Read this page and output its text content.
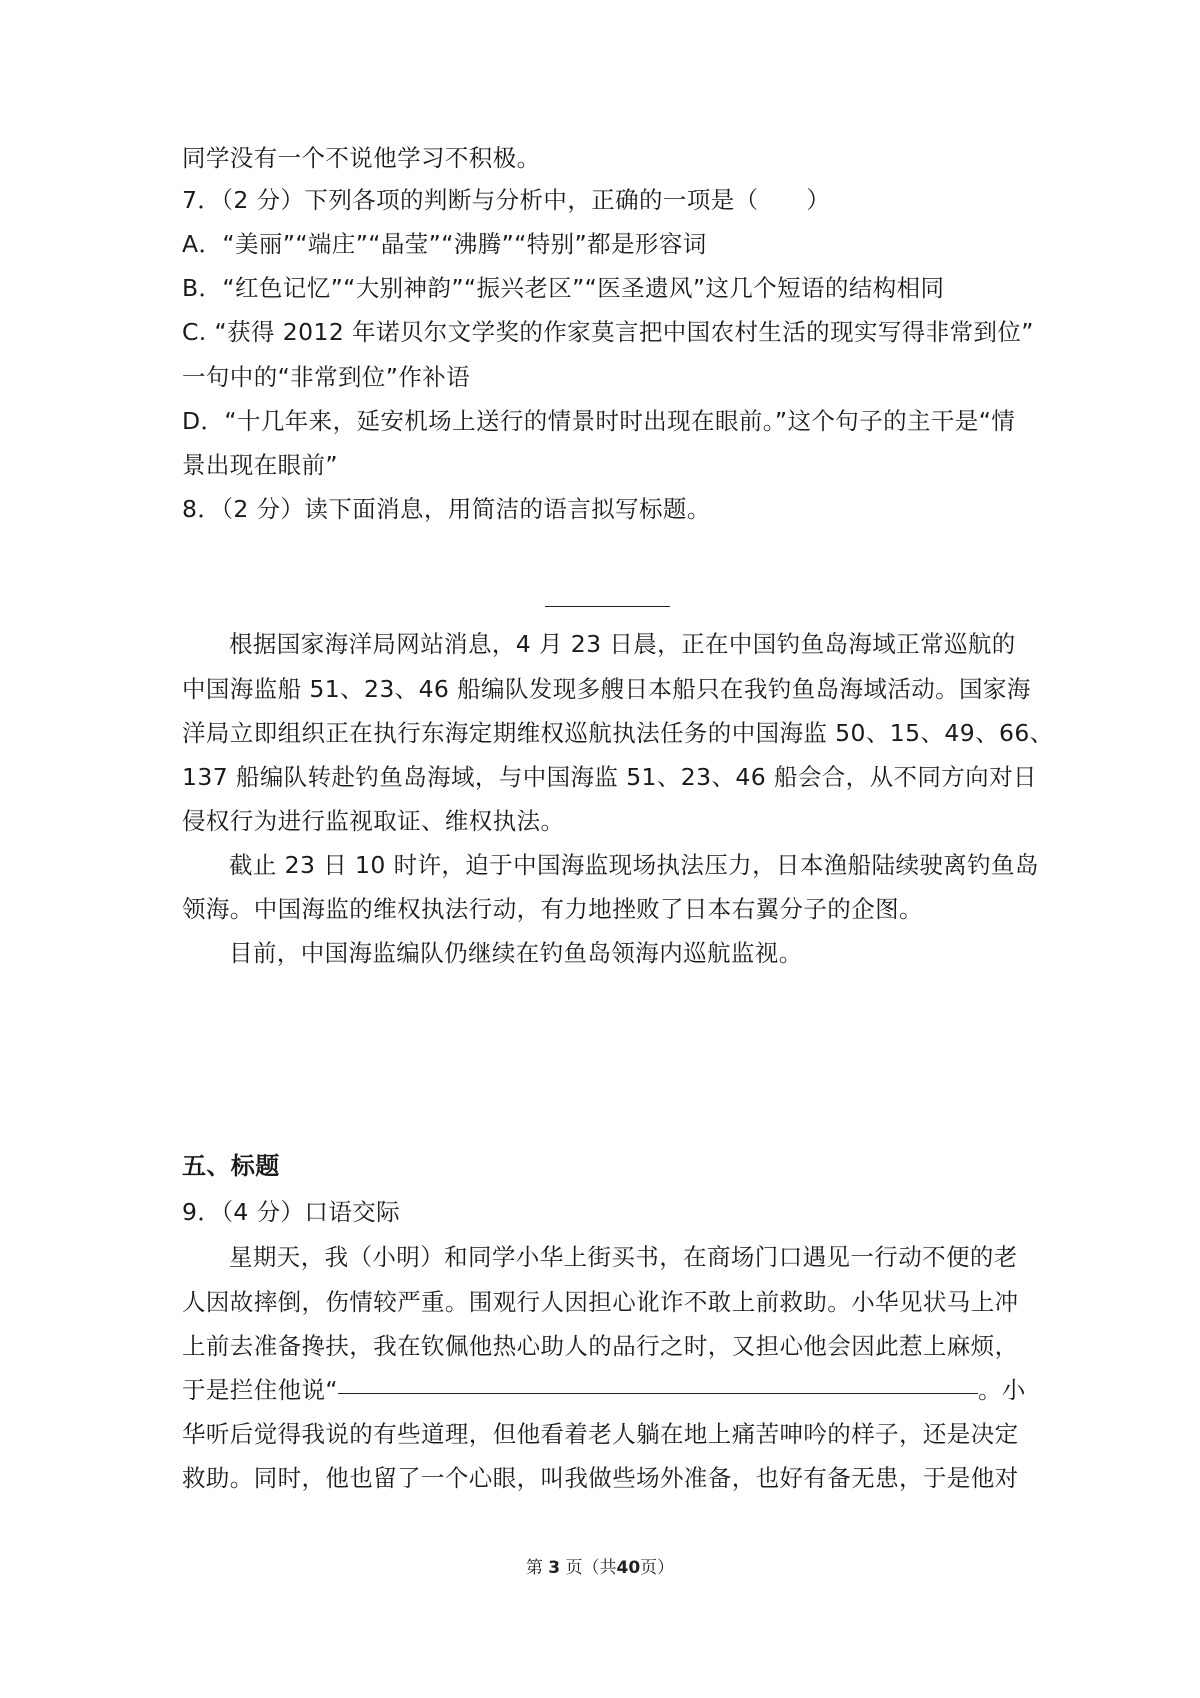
同学没有一个不说他学习不积极。
7．（2 分）下列各项的判断与分析中，正确的一项是（　　）
A．“美丽”“端庄”“晶莹”“沸腾”“特别”都是形容词
B．“红色记忆”“大别神韵”“振兴老区”“医圣遗风”这几个短语的结构相同
C. “获得 2012 年诺贝尔文学奖的作家莫言把中国农村生活的现实写得非常到位”
一句中的“非常到位”作补语
D．“十几年来，延安机场上送行的情景时时出现在眼前。”这个句子的主干是“情
景出现在眼前”
8．（2 分）读下面消息，用简洁的语言拟写标题。
根据国家海洋局网站消息，4 月 23 日晨，正在中国钓鱼岛海域正常巡航的
中国海监船 51、23、46 船编队发现多艘日本船只在我钓鱼岛海域活动。国家海
洋局立即组织正在执行东海定期维权巡航执法任务的中国海监 50、15、49、66、
137 船编队转赴钓鱼岛海域，与中国海监 51、23、46 船会合，从不同方向对日
侵权行为进行监视取证、维权执法。
截止 23 日 10 时许，迫于中国海监现场执法压力，日本渔船陆续驶离钓鱼岛
领海。中国海监的维权执法行动，有力地挫败了日本右翼分子的企图。
目前，中国海监编队仍继续在钓鱼岛领海内巡航监视。
五、标题
9．（4 分）口语交际
星期天，我（小明）和同学小华上街买书，在商场门口遇见一行动不便的老
人因故摔倒，伤情较严重。围观行人因担心讹诈不敢上前救助。小华见状马上冲
上前去准备搀扶，我在钦佩他热心助人的品行之时，又担心他会因此惹上麻烦，
于是拦住他说“	。小
华听后觉得我说的有些道理，但他看着老人躺在地上痛苦呻吟的样子，还是决定
救助。同时，他也留了一个心眼，叫我做些场外准备，也好有备无患，于是他对
第 3 页（共40页）
